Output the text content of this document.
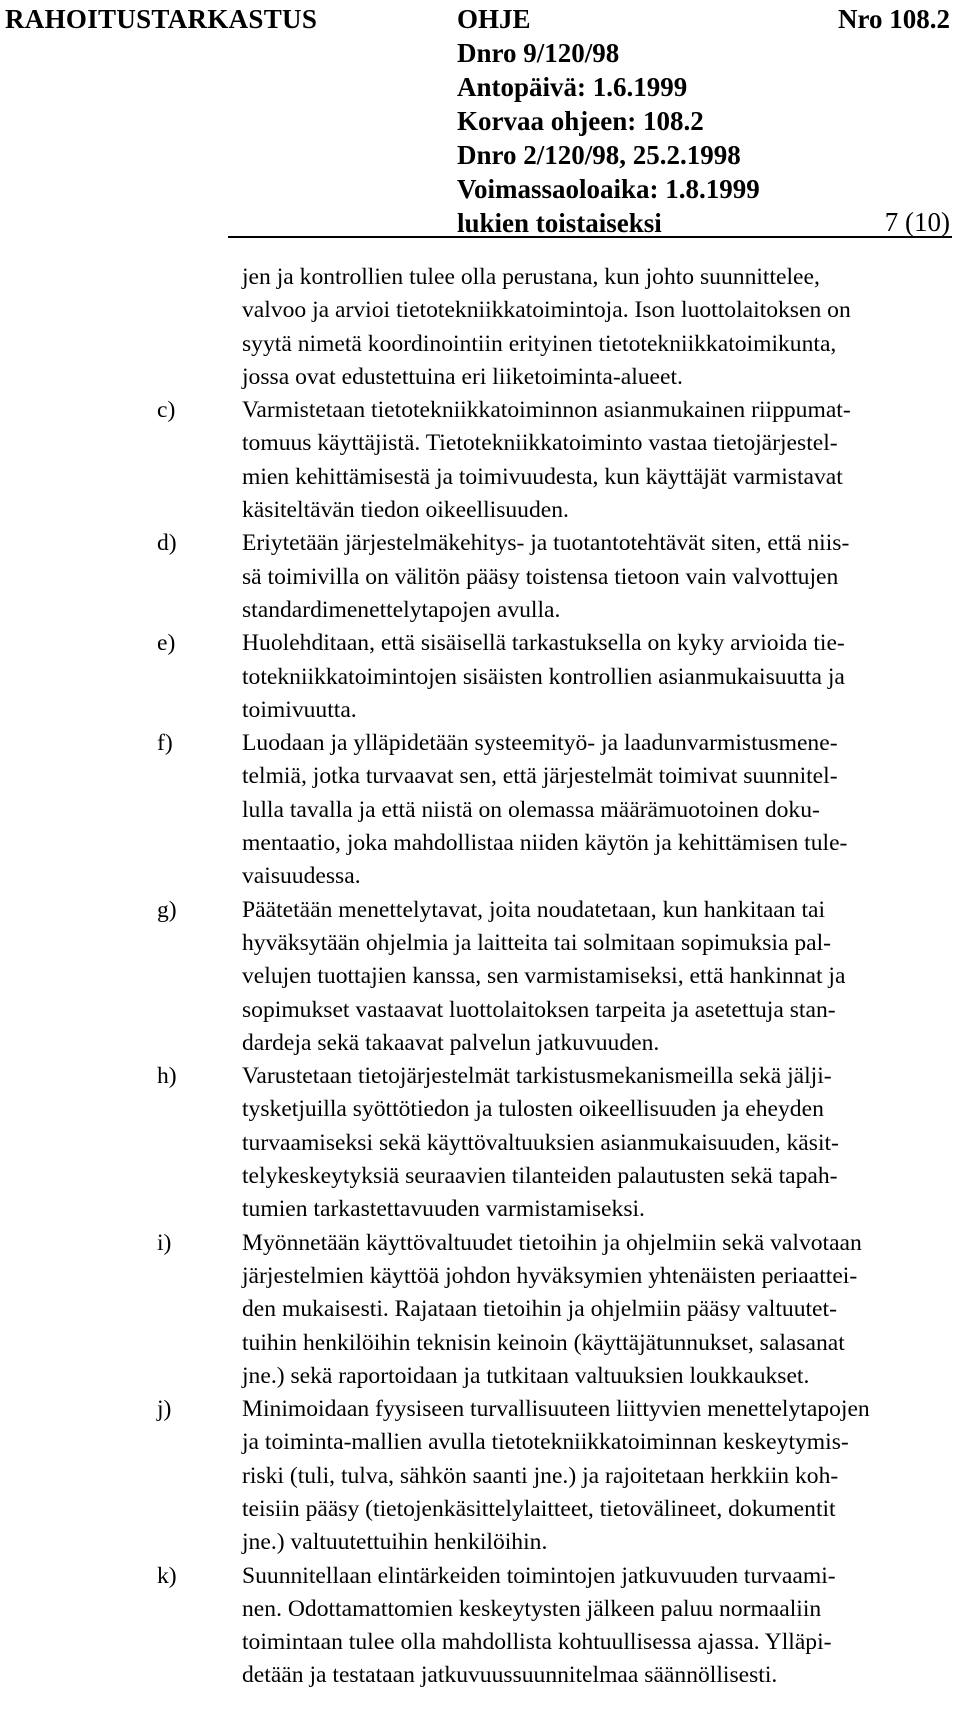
RAHOITUSTARKASTUS	OHJE
Dnro 9/120/98
Antopäivä: 1.6.1999
Korvaa ohjeen: 108.2
Dnro 2/120/98, 25.2.1998
Voimassaoloaika: 1.8.1999
lukien toistaiseksi
Nro 108.2
7 (10)
jen ja kontrollien tulee olla perustana, kun johto suunnittelee,
valvoo ja arvioi tietotekniikkatoimintoja. Ison luottolaitoksen on
syytä nimetä koordinointiin erityinen tietotekniikkatoimikunta,
jossa ovat edustettuina eri liiketoiminta-alueet.
c)	Varmistetaan tietotekniikkatoiminnon asianmukainen riippumat-
tomuus käyttäjistä. Tietotekniikkatoiminto vastaa tietojärjestel-
mien kehittämisestä ja toimivuudesta, kun käyttäjät varmistavat
käsiteltävän tiedon oikeellisuuden.
d)	Eriytetään järjestelmäkehitys- ja tuotantotehtävät siten, että niis-
sä toimivilla on välitön pääsy toistensa tietoon vain valvottujen
standardimenettelytapojen avulla.
e)	Huolehditaan, että sisäisellä tarkastuksella on kyky arvioida tie-
totekniikkatoimintojen sisäisten kontrollien asianmukaisuutta ja
toimivuutta.
f)	Luodaan ja ylläpidetään systeemityö- ja laadunvarmistusmene-
telmiä, jotka turvaavat sen, että järjestelmät toimivat suunnitel-
lulla tavalla ja että niistä on olemassa määrämuotoinen doku-
mentaatio, joka mahdollistaa niiden käytön ja kehittämisen tule-
vaisuudessa.
g)	Päätetään menettelytavat, joita noudatetaan, kun hankitaan tai
hyväksytään ohjelmia ja laitteita tai solmitaan sopimuksia pal-
velujen tuottajien kanssa, sen varmistamiseksi, että hankinnat ja
sopimukset vastaavat luottolaitoksen tarpeita ja asetettuja stan-
dardeja sekä takaavat palvelun jatkuvuuden.
h)	Varustetaan tietojärjestelmät tarkistusmekanismeilla sekä jälji-
tysketjuilla syöttötiedon ja tulosten oikeellisuuden ja eheyden
turvaamiseksi sekä käyttövaltuuksien asianmukaisuuden, käsit-
telykeskeytyksiä seuraavien tilanteiden palautusten sekä tapah-
tumien tarkastettavuuden varmistamiseksi.
i)	Myönnetään käyttövaltuudet tietoihin ja ohjelmiin sekä valvotaan
järjestelmien käyttöä johdon hyväksymien yhtenäisten periaattei-
den mukaisesti. Rajataan tietoihin ja ohjelmiin pääsy valtuutet-
tuihin henkilöihin teknisin keinoin (käyttäjätunnukset, salasanat
jne.) sekä raportoidaan ja tutkitaan valtuuksien loukkaukset.
j)	Minimoidaan fyysiseen turvallisuuteen liittyvien menettelytapojen
ja toiminta-mallien avulla tietotekniikkatoiminnan keskeytymis-
riski (tuli, tulva, sähkön saanti jne.) ja rajoitetaan herkkiin koh-
teisiin pääsy (tietojenkäsittelylaitteet, tietovälineet, dokumentit
jne.) valtuutettuihin henkilöihin.
k)	Suunnitellaan elintärkeiden toimintojen jatkuvuuden turvaami-
nen. Odottamattomien keskeytysten jälkeen paluu normaaliin
toimintaan tulee olla mahdollista kohtuullisessa ajassa. Ylläpi-
detään ja testataan jatkuvuussuunnitelmaa säännöllisesti.
